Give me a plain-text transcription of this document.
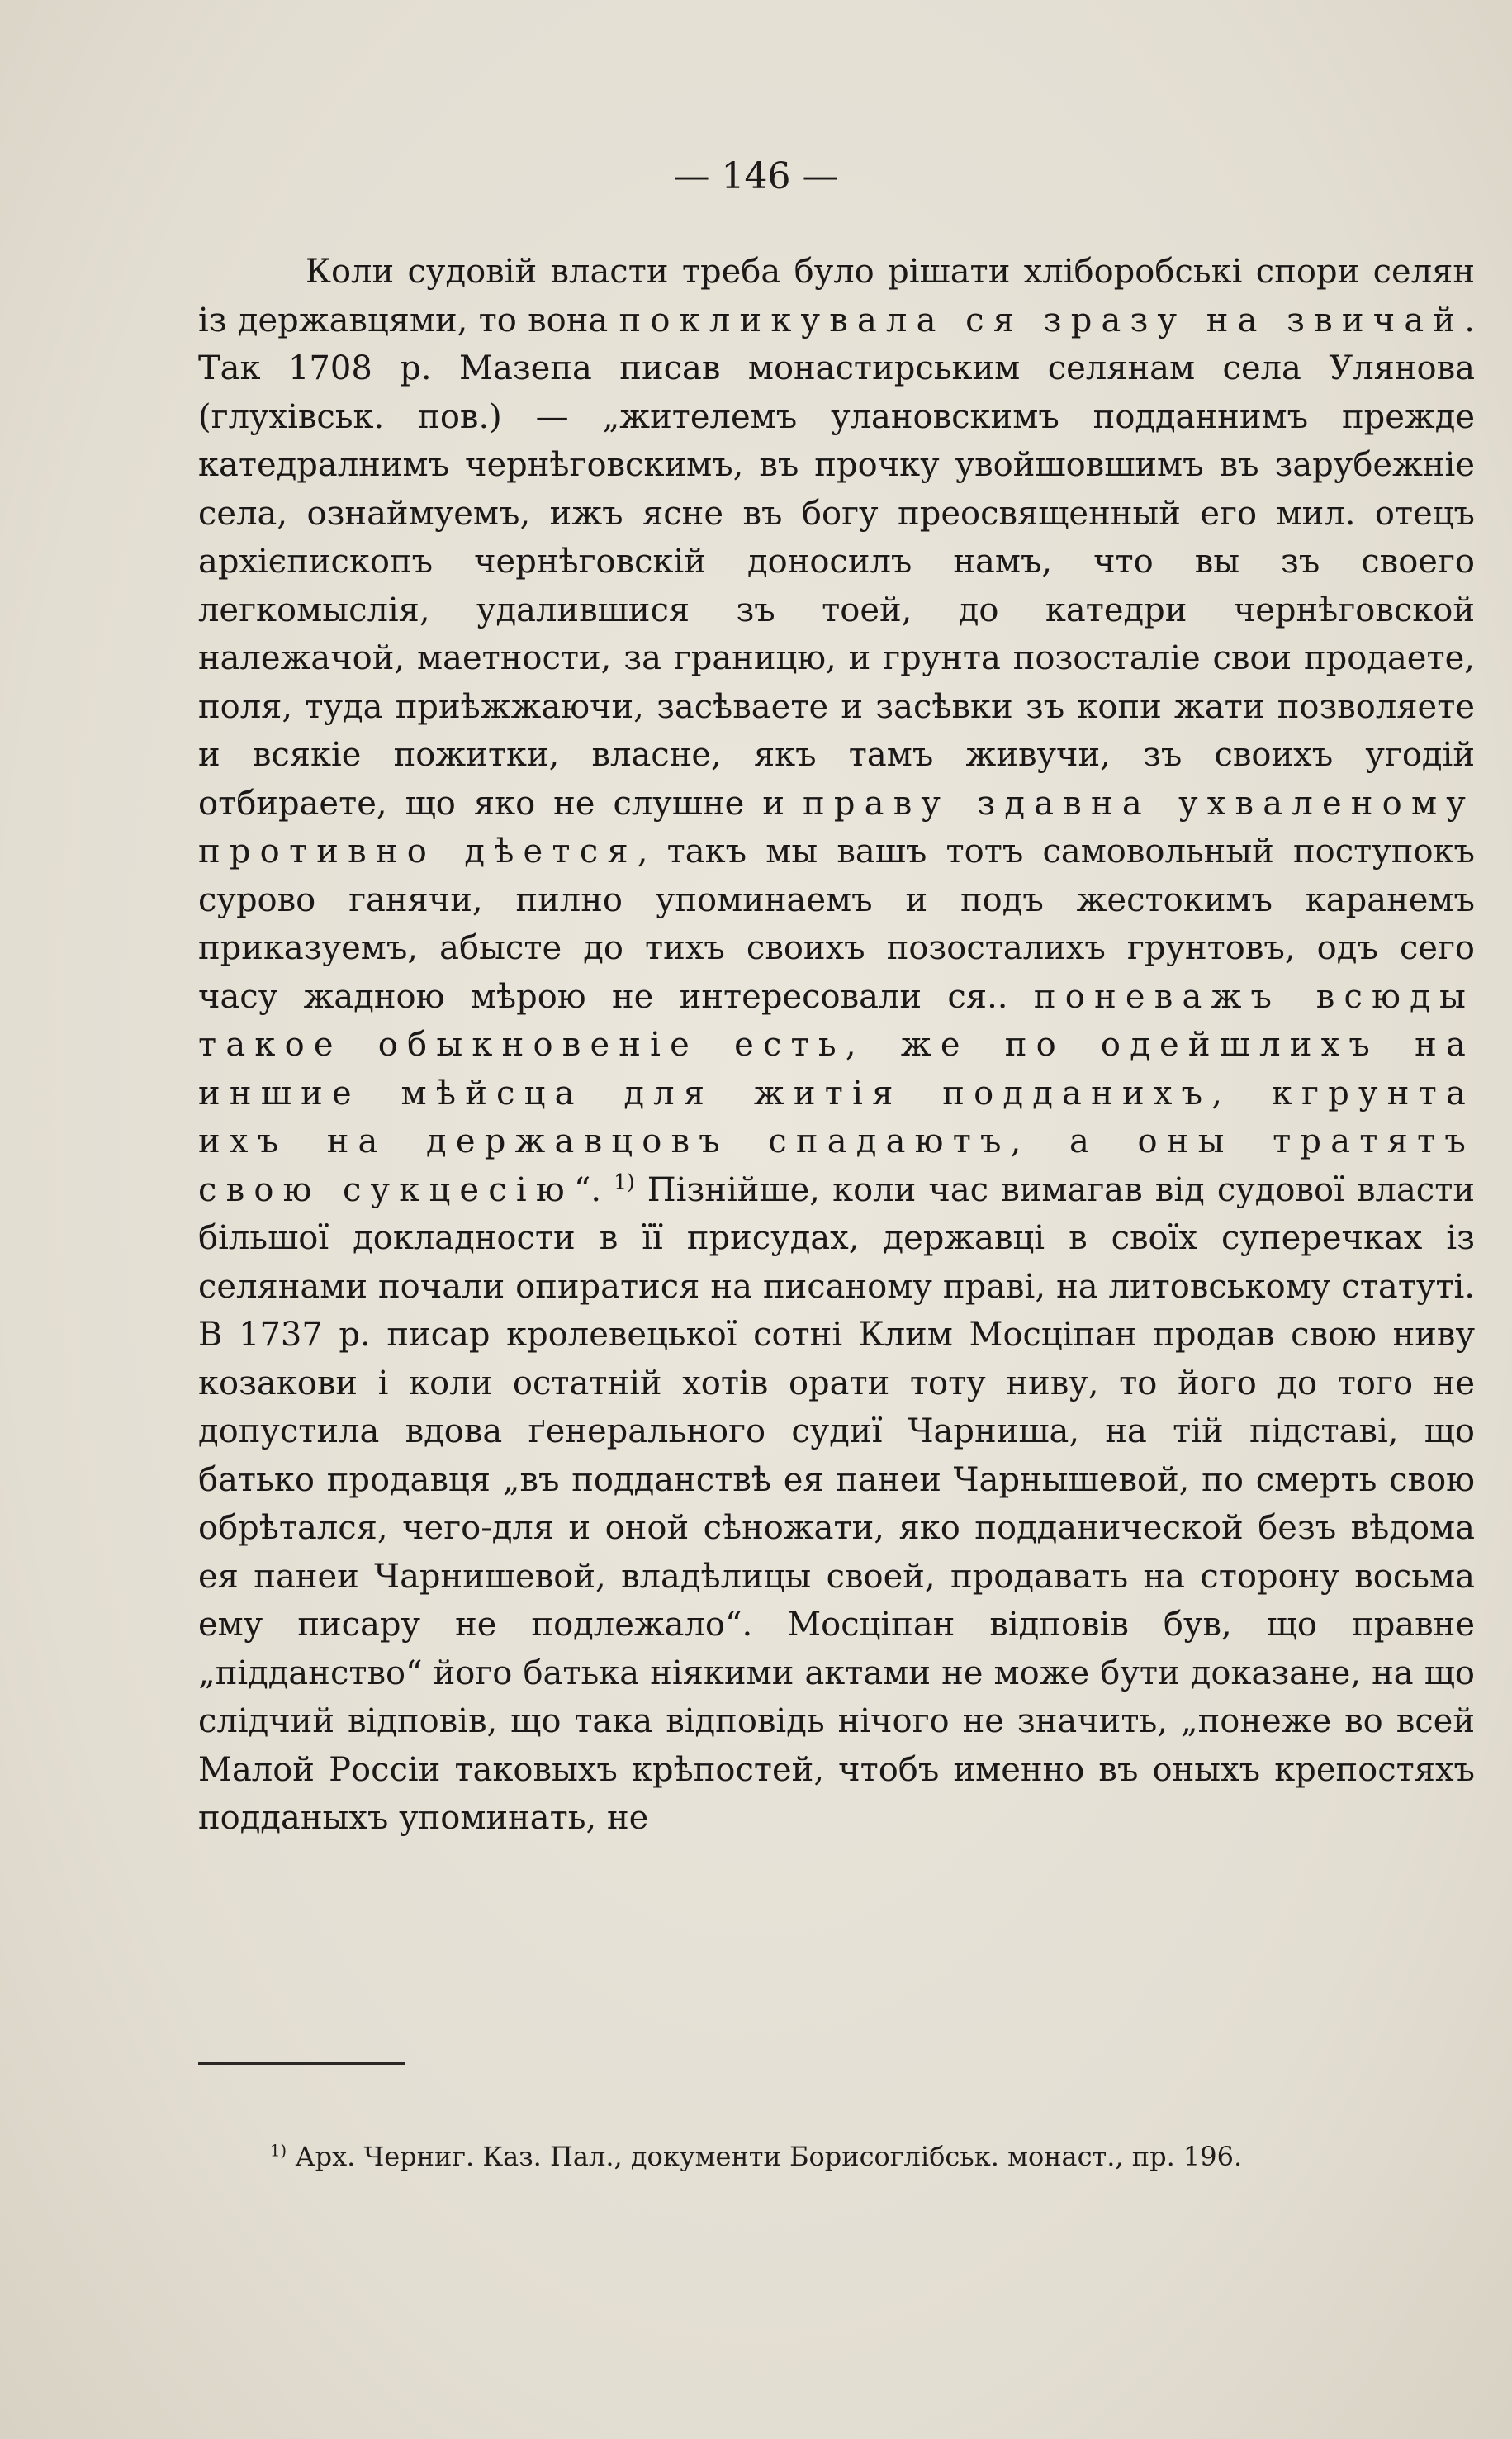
— 146 —

Коли судовій власти треба було рішати хліборобські спори селян із державцями, то вона покликувала ся зразу на звичай. Так 1708 р. Мазепа писав монастирським селянам села Улянова (глухівськ. пов.) — „жителемъ улановскимъ подданнимъ прежде катедралнимъ чернѣговскимъ, въ прочку увойшовшимъ въ зарубежніе села, ознаймуемъ, ижъ ясне въ богу преосвященный его мил. отецъ архієпископъ чернѣговскій доносилъ намъ, что вы зъ своего легкомыслія, удалившися зъ тоей, до катедри чернѣговской належачой, маетности, за границю, и грунта позосталіе свои продаете, поля, туда приѣжжаючи, засѣваете и засѣвки зъ копи жати позволяете и всякіе пожитки, власне, якъ тамъ живучи, зъ своихъ угодій отбираете, що яко не слушне и праву здавна ухваленому противно дѣется, такъ мы вашъ тотъ самовольный поступокъ сурово ганячи, пилно упоминаемъ и подъ жестокимъ каранемъ приказуемъ, абысте до тихъ своихъ позосталихъ грунтовъ, одъ сего часу жадною мѣрою не интересовали ся.. поневажъ всюды такое обыкновеніе есть, же по одейшлихъ на иншие мѣйсца для житія подданихъ, кгрунта ихъ на державцовъ спадаютъ, а оны тратятъ свою сукцесію“. $^{1)}$ Пізнійше, коли час вимагав від судової власти більшої докладности в її присудах, державці в своїх суперечках із селянами почали опиратися на писаному праві, на литовському статуті. В 1737 р. писар кролевецької сотні Клим Мосціпан продав свою ниву козакови і коли остатній хотів орати тоту ниву, то його до того не допустила вдова ґенерального судиї Чарниша, на тій підставі, що батько продавця „въ подданствѣ ея панеи Чарнышевой, по смерть свою обрѣтался, чего-для и оной сѣножати, яко подданической безъ вѣдома ея панеи Чарнишевой, владѣлицы своей, продавать на сторону восьма ему писару не подлежало“. Мосціпан відповів був, що правне „підданство“ його батька ніякими актами не може бути доказане, на що слідчий відповів, що така відповідь нічого не значить, „понеже во всей Малой Россіи таковыхъ крѣпостей, чтобъ именно въ оныхъ крепостяхъ подданыхъ упоминать, не

$^{1)}$ Арх. Черниг. Каз. Пал., документи Борисоглібськ. монаст., пр. 196.
